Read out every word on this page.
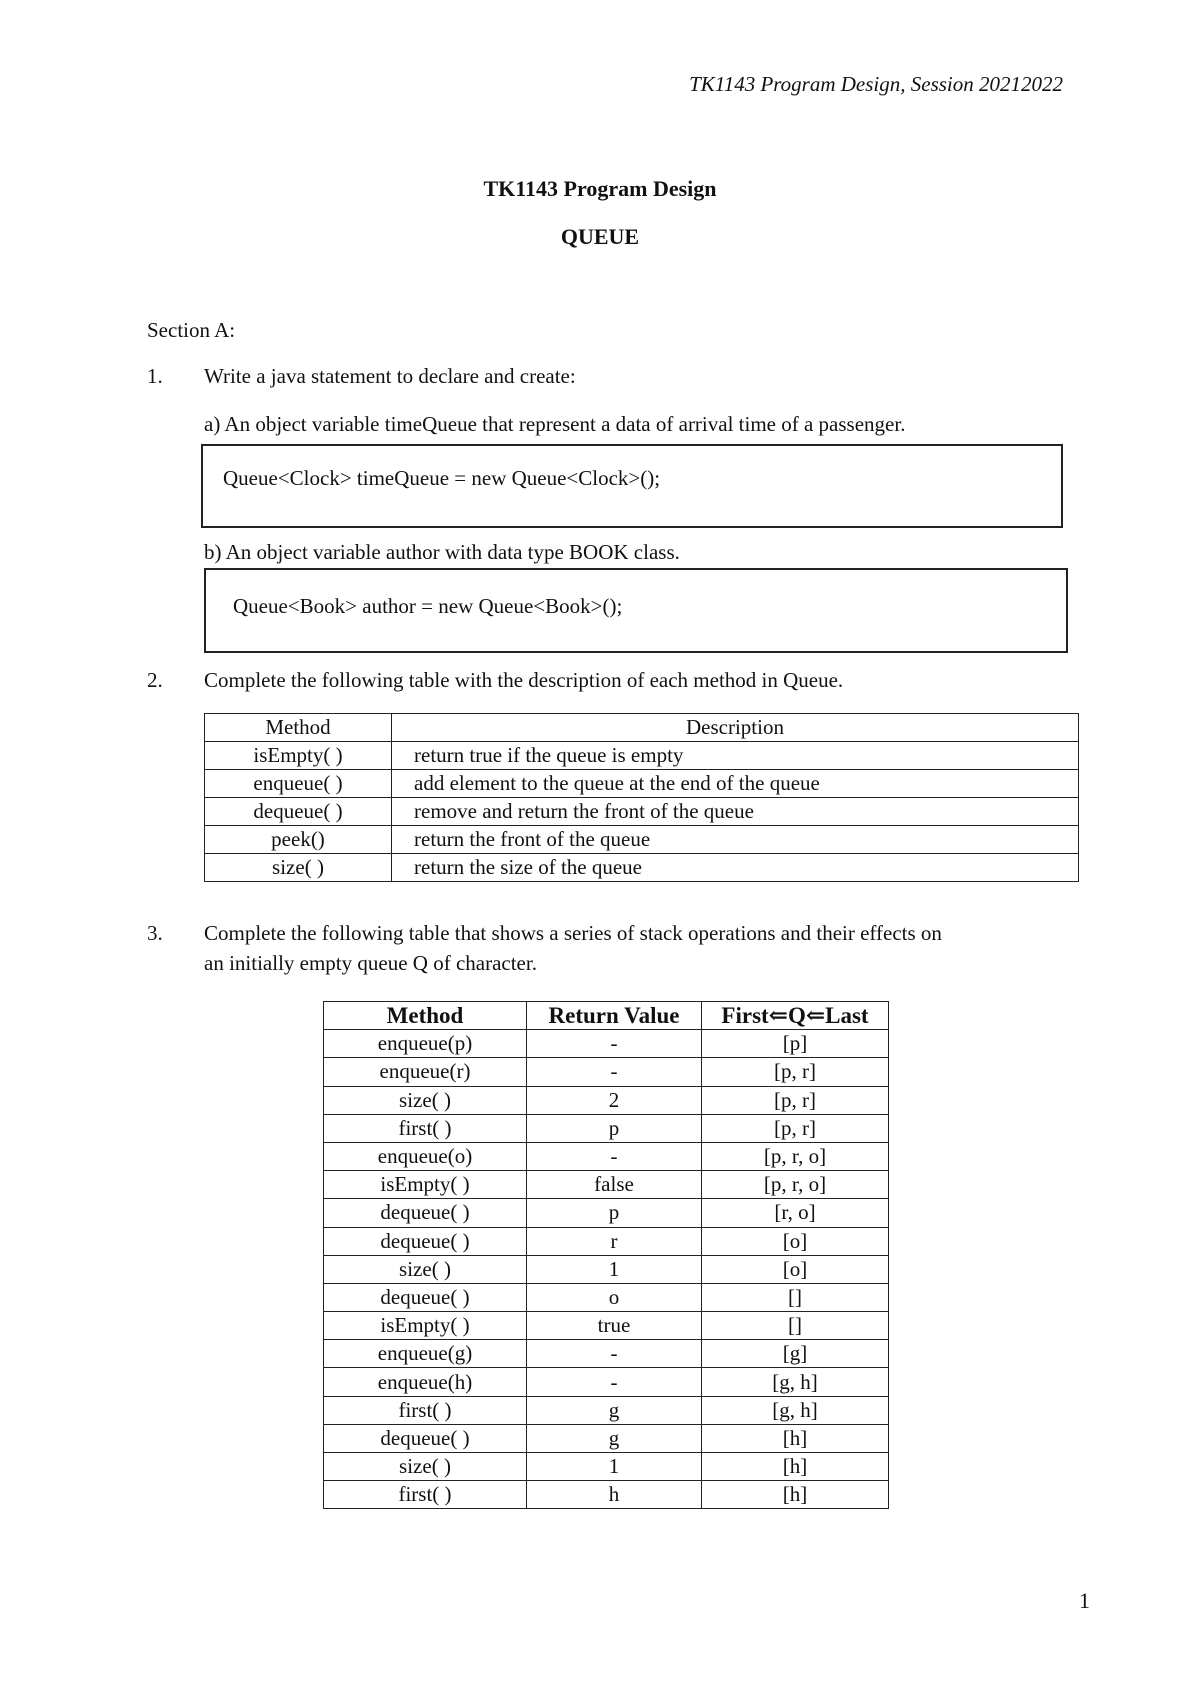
TK1143 Program Design, Session 20212022
TK1143 Program Design
QUEUE
Section A:
1. Write a java statement to declare and create:
a) An object variable timeQueue that represent a data of arrival time of a passenger.
Queue<Clock> timeQueue = new Queue<Clock>();
b) An object variable author with data type BOOK class.
Queue<Book> author = new Queue<Book>();
2. Complete the following table with the description of each method in Queue.
Method	Description
isEmpty( )	return true if the queue is empty
enqueue( )	add element to the queue at the end of the queue
dequeue( )	remove and return the front of the queue
peek()	return the front of the queue
size( )	return the size of the queue
3. Complete the following table that shows a series of stack operations and their effects on
an initially empty queue Q of character.
Method	Return Value	First⇐Q⇐Last
enqueue(p)	-	[p]
enqueue(r)	-	[p, r]
size( )	2	[p, r]
first( )	p	[p, r]
enqueue(o)	-	[p, r, o]
isEmpty( )	false	[p, r, o]
dequeue( )	p	[r, o]
dequeue( )	r	[o]
size( )	1	[o]
dequeue( )	o	[]
isEmpty( )	true	[]
enqueue(g)	-	[g]
enqueue(h)	-	[g, h]
first( )	g	[g, h]
dequeue( )	g	[h]
size( )	1	[h]
first( )	h	[h]
1
